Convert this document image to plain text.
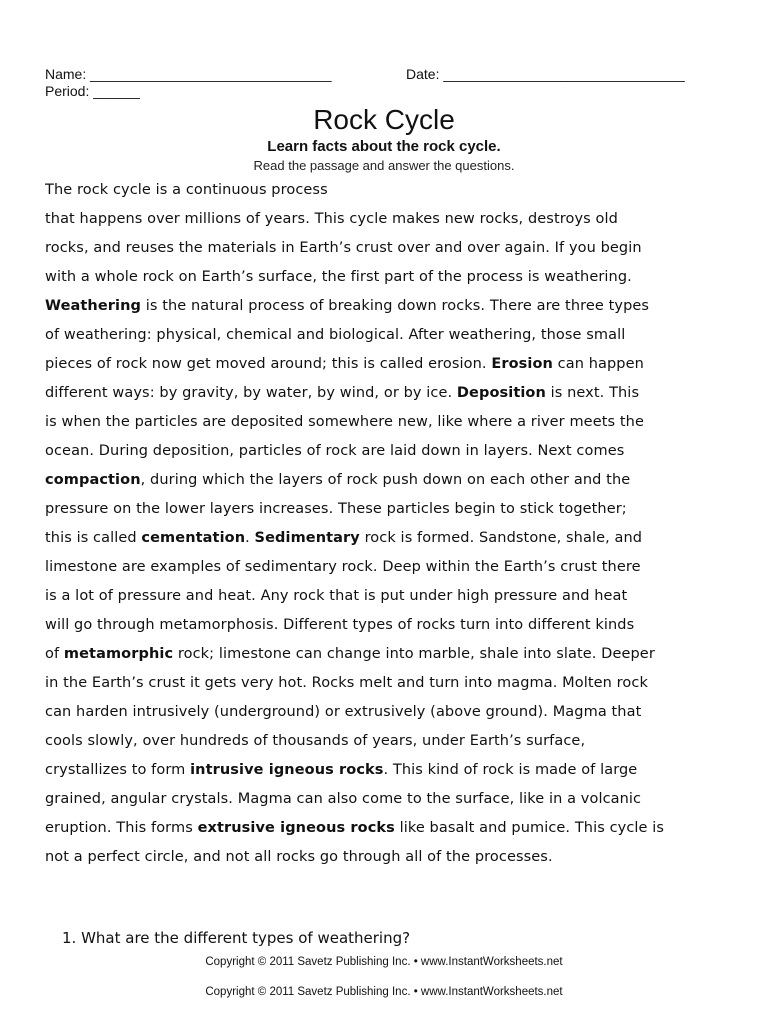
Name: _______________________________	Date: _______________________________
Period: ______
Rock Cycle
Learn facts about the rock cycle.
Read the passage and answer the questions.
The rock cycle is a continuous process
that happens over millions of years. This cycle makes new rocks, destroys old
rocks, and reuses the materials in Earth’s crust over and over again. If you begin
with a whole rock on Earth’s surface, the first part of the process is weathering.
Weathering is the natural process of breaking down rocks. There are three types
of weathering: physical, chemical and biological. After weathering, those small
pieces of rock now get moved around; this is called erosion. Erosion can happen
different ways: by gravity, by water, by wind, or by ice. Deposition is next. This
is when the particles are deposited somewhere new, like where a river meets the
ocean. During deposition, particles of rock are laid down in layers. Next comes
compaction, during which the layers of rock push down on each other and the
pressure on the lower layers increases. These particles begin to stick together;
this is called cementation. Sedimentary rock is formed. Sandstone, shale, and
limestone are examples of sedimentary rock. Deep within the Earth’s crust there
is a lot of pressure and heat. Any rock that is put under high pressure and heat
will go through metamorphosis. Different types of rocks turn into different kinds
of metamorphic rock; limestone can change into marble, shale into slate. Deeper
in the Earth’s crust it gets very hot. Rocks melt and turn into magma. Molten rock
can harden intrusively (underground) or extrusively (above ground). Magma that
cools slowly, over hundreds of thousands of years, under Earth’s surface,
crystallizes to form intrusive igneous rocks. This kind of rock is made of large
grained, angular crystals. Magma can also come to the surface, like in a volcanic
eruption. This forms extrusive igneous rocks like basalt and pumice. This cycle is
not a perfect circle, and not all rocks go through all of the processes.
1. What are the different types of weathering?
Copyright © 2011 Savetz Publishing Inc. • www.InstantWorksheets.net
Copyright © 2011 Savetz Publishing Inc. • www.InstantWorksheets.net
